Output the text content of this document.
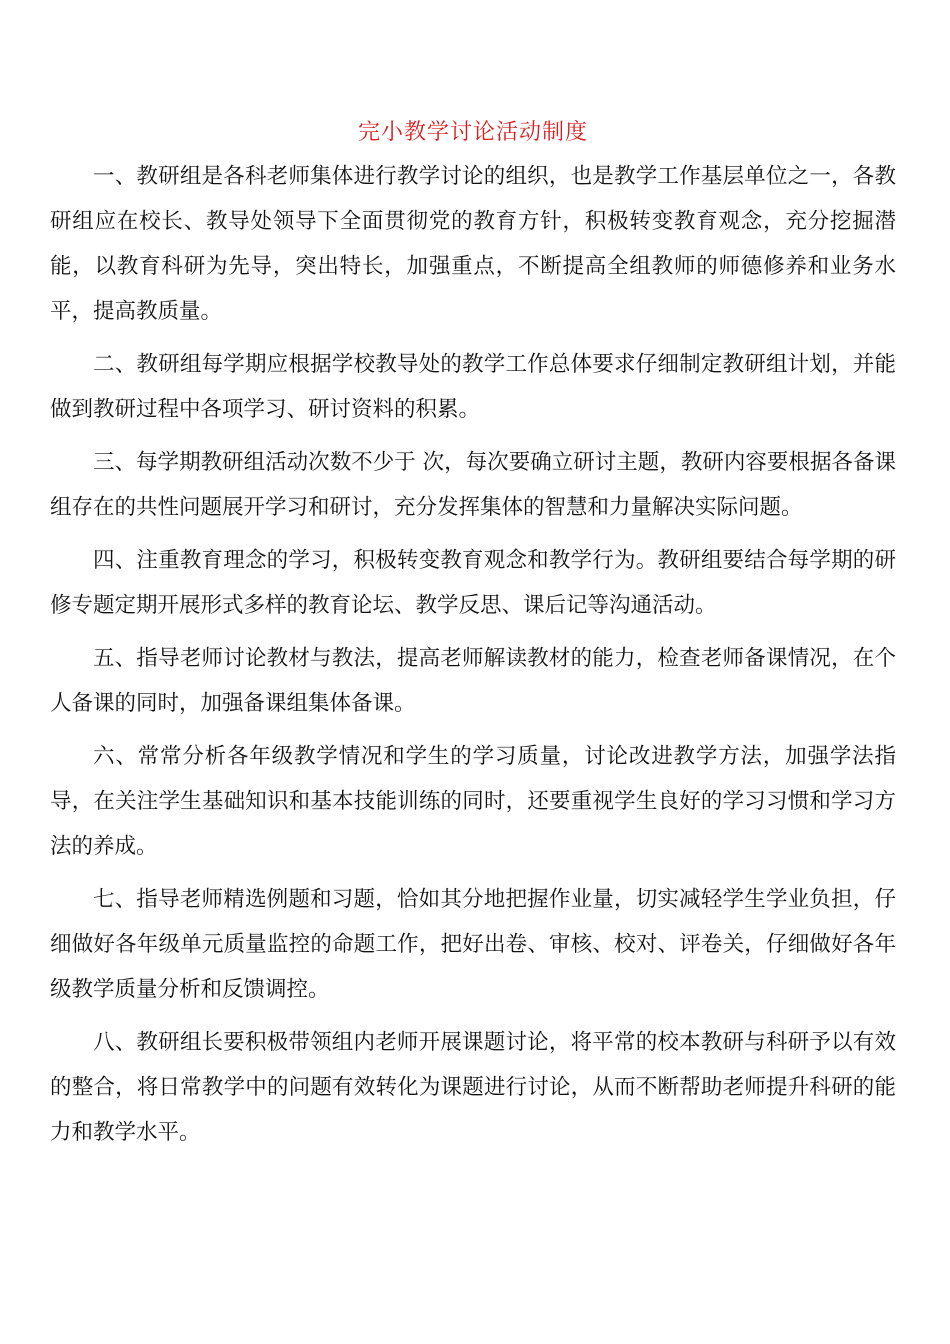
完小教学讨论活动制度

一、教研组是各科老师集体进行教学讨论的组织，也是教学工作基层单位之一，各教研组应在校长、教导处领导下全面贯彻党的教育方针，积极转变教育观念，充分挖掘潜能，以教育科研为先导，突出特长，加强重点，不断提高全组教师的师德修养和业务水平，提高教质量。

二、教研组每学期应根据学校教导处的教学工作总体要求仔细制定教研组计划，并能做到教研过程中各项学习、研讨资料的积累。

三、每学期教研组活动次数不少于 次，每次要确立研讨主题，教研内容要根据各备课组存在的共性问题展开学习和研讨，充分发挥集体的智慧和力量解决实际问题。

四、注重教育理念的学习，积极转变教育观念和教学行为。教研组要结合每学期的研修专题定期开展形式多样的教育论坛、教学反思、课后记等沟通活动。

五、指导老师讨论教材与教法，提高老师解读教材的能力，检查老师备课情况，在个人备课的同时，加强备课组集体备课。

六、常常分析各年级教学情况和学生的学习质量，讨论改进教学方法，加强学法指导，在关注学生基础知识和基本技能训练的同时，还要重视学生良好的学习习惯和学习方法的养成。

七、指导老师精选例题和习题，恰如其分地把握作业量，切实减轻学生学业负担，仔细做好各年级单元质量监控的命题工作，把好出卷、审核、校对、评卷关，仔细做好各年级教学质量分析和反馈调控。

八、教研组长要积极带领组内老师开展课题讨论，将平常的校本教研与科研予以有效的整合，将日常教学中的问题有效转化为课题进行讨论，从而不断帮助老师提升科研的能力和教学水平。
